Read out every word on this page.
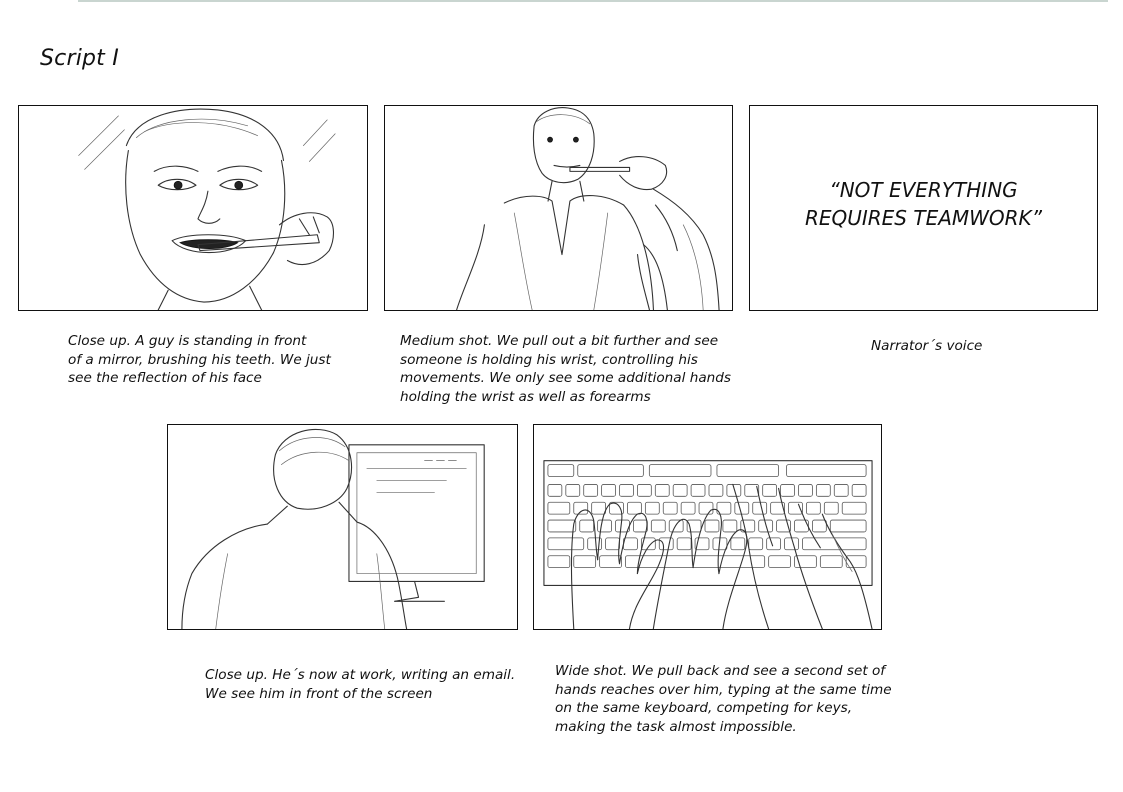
Script I
Close up. A guy is standing in front
of a mirror, brushing his teeth. We just
see the reflection of his face
Medium shot. We pull out a bit further and see
someone is holding his wrist, controlling his
movements. We only see some additional hands
holding the wrist as well as forearms
“NOT EVERYTHING
REQUIRES TEAMWORK”
Narrator´s voice
Close up. He´s now at work, writing an email.
We see him in front of the screen
Wide shot. We pull back and see a second set of
hands reaches over him, typing at the same time
on the same keyboard, competing for keys,
making the task almost impossible.
